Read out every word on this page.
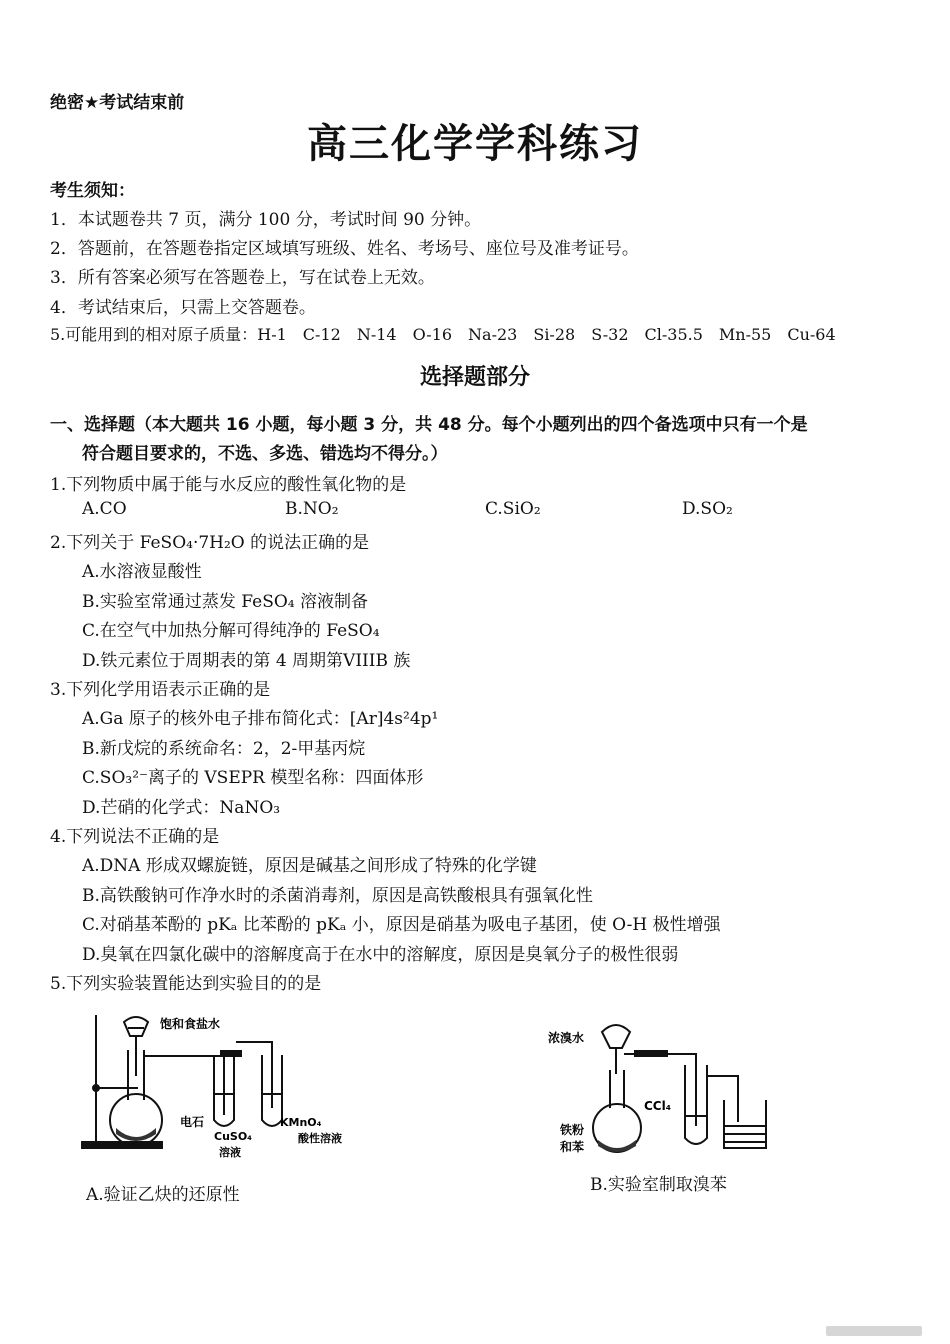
绝密★考试结束前
高三化学学科练习
考生须知：
1．本试题卷共 7 页，满分 100 分，考试时间 90 分钟。
2．答题前，在答题卷指定区域填写班级、姓名、考场号、座位号及准考证号。
3．所有答案必须写在答题卷上，写在试卷上无效。
4．考试结束后，只需上交答题卷。
5.可能用到的相对原子质量：H-1　C-12　N-14　O-16　Na-23　Si-28　S-32　Cl-35.5　Mn-55　Cu-64
选择题部分
一、选择题（本大题共 16 小题，每小题 3 分，共 48 分。每个小题列出的四个备选项中只有一个是
符合题目要求的，不选、多选、错选均不得分。）
1.下列物质中属于能与水反应的酸性氧化物的是
A.CO	B.NO₂	C.SiO₂	D.SO₂
2.下列关于 FeSO₄·7H₂O 的说法正确的是
A.水溶液显酸性
B.实验室常通过蒸发 FeSO₄ 溶液制备
C.在空气中加热分解可得纯净的 FeSO₄
D.铁元素位于周期表的第 4 周期第VIIIB 族
3.下列化学用语表示正确的是
A.Ga 原子的核外电子排布简化式：[Ar]4s²4p¹
B.新戊烷的系统命名：2，2-甲基丙烷
C.SO₃²⁻离子的 VSEPR 模型名称：四面体形
D.芒硝的化学式：NaNO₃
4.下列说法不正确的是
A.DNA 形成双螺旋链，原因是碱基之间形成了特殊的化学键
B.高铁酸钠可作净水时的杀菌消毒剂，原因是高铁酸根具有强氧化性
C.对硝基苯酚的 pKₐ 比苯酚的 pKₐ 小，原因是硝基为吸电子基团，使 O-H 极性增强
D.臭氧在四氯化碳中的溶解度高于在水中的溶解度，原因是臭氧分子的极性很弱
5.下列实验装置能达到实验目的的是
饱和食盐水
电石
CuSO₄
溶液
KMnO₄
酸性溶液
A.验证乙炔的还原性
浓溴水
CCl₄
铁粉
和苯
B.实验室制取溴苯
